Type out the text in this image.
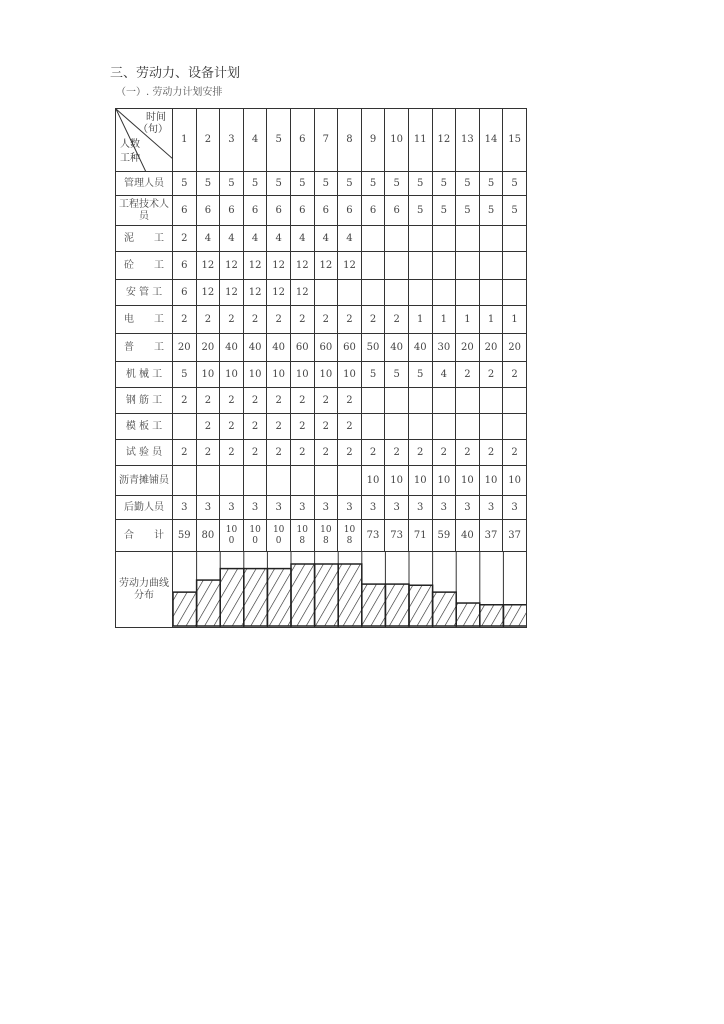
三、劳动力、设备计划
（一）. 劳动力计划安排
时间
（旬）
人数
工种	1	2	3	4	5	6	7	8	9	10	11	12	13	14	15
管理人员	5	5	5	5	5	5	5	5	5	5	5	5	5	5	5
工程技术人员	6	6	6	6	6	6	6	6	6	6	5	5	5	5	5
泥　　工	2	4	4	4	4	4	4	4							
砼　　工	6	12	12	12	12	12	12	12							
安 管 工	6	12	12	12	12	12									
电　　工	2	2	2	2	2	2	2	2	2	2	1	1	1	1	1
普　　工	20	20	40	40	40	60	60	60	50	40	40	30	20	20	20
机 械 工	5	10	10	10	10	10	10	10	5	5	5	4	2	2	2
钢 筋 工	2	2	2	2	2	2	2	2							
模 板 工		2	2	2	2	2	2	2							
试 验 员	2	2	2	2	2	2	2	2	2	2	2	2	2	2	2
沥青摊铺员									10	10	10	10	10	10	10
后勤人员	3	3	3	3	3	3	3	3	3	3	3	3	3	3	3
合　　计	59	80	100	100	100	108	108	108	73	73	71	59	40	37	37
劳动力曲线分布	
